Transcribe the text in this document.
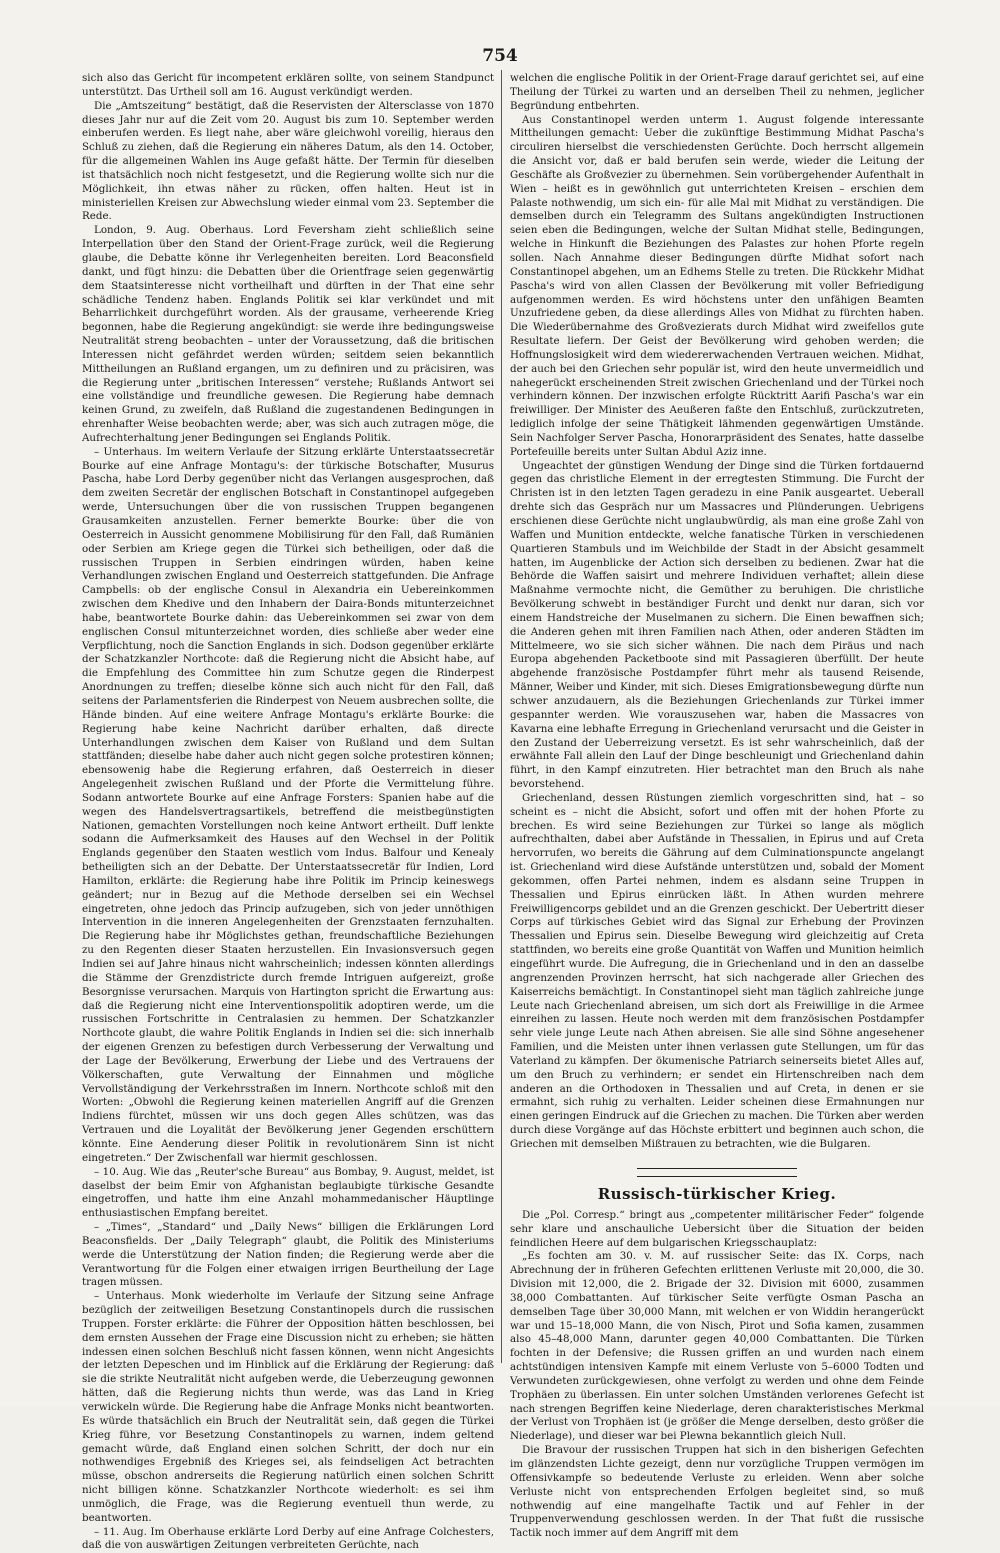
754

sich also das Gericht für incompetent erklären sollte, von seinem Standpunct unterstützt. Das Urtheil soll am 16. August verkündigt werden.

Die „Amtszeitung“ bestätigt, daß die Reservisten der Altersclasse von 1870 dieses Jahr nur auf die Zeit vom 20. August bis zum 10. September werden einberufen werden. Es liegt nahe, aber wäre gleichwohl voreilig, hieraus den Schluß zu ziehen, daß die Regierung ein näheres Datum, als den 14. October, für die allgemeinen Wahlen ins Auge gefaßt hätte. Der Termin für dieselben ist thatsächlich noch nicht festgesetzt, und die Regierung wollte sich nur die Möglichkeit, ihn etwas näher zu rücken, offen halten. Heut ist in ministeriellen Kreisen zur Abwechslung wieder einmal vom 23. September die Rede.

London, 9. Aug. Oberhaus. Lord Feversham zieht schließlich seine Interpellation über den Stand der Orient-Frage zurück, weil die Regierung glaube, die Debatte könne ihr Verlegenheiten bereiten. Lord Beaconsfield dankt, und fügt hinzu: die Debatten über die Orientfrage seien gegenwärtig dem Staatsinteresse nicht vortheilhaft und dürften in der That eine sehr schädliche Tendenz haben. Englands Politik sei klar verkündet und mit Beharrlichkeit durchgeführt worden. Als der grausame, verheerende Krieg begonnen, habe die Regierung angekündigt: sie werde ihre bedingungsweise Neutralität streng beobachten – unter der Voraussetzung, daß die britischen Interessen nicht gefährdet werden würden; seitdem seien bekanntlich Mittheilungen an Rußland ergangen, um zu definiren und zu präcisiren, was die Regierung unter „britischen Interessen“ verstehe; Rußlands Antwort sei eine vollständige und freundliche gewesen. Die Regierung habe demnach keinen Grund, zu zweifeln, daß Rußland die zugestandenen Bedingungen in ehrenhafter Weise beobachten werde; aber, was sich auch zutragen möge, die Aufrechterhaltung jener Bedingungen sei Englands Politik.

– Unterhaus. Im weitern Verlaufe der Sitzung erklärte Unterstaatssecretär Bourke auf eine Anfrage Montagu's: der türkische Botschafter, Musurus Pascha, habe Lord Derby gegenüber nicht das Verlangen ausgesprochen, daß dem zweiten Secretär der englischen Botschaft in Constantinopel aufgegeben werde, Untersuchungen über die von russischen Truppen begangenen Grausamkeiten anzustellen. Ferner bemerkte Bourke: über die von Oesterreich in Aussicht genommene Mobilisirung für den Fall, daß Rumänien oder Serbien am Kriege gegen die Türkei sich betheiligen, oder daß die russischen Truppen in Serbien eindringen würden, haben keine Verhandlungen zwischen England und Oesterreich stattgefunden. Die Anfrage Campbells: ob der englische Consul in Alexandria ein Uebereinkommen zwischen dem Khedive und den Inhabern der Daira-Bonds mitunterzeichnet habe, beantwortete Bourke dahin: das Uebereinkommen sei zwar von dem englischen Consul mitunterzeichnet worden, dies schließe aber weder eine Verpflichtung, noch die Sanction Englands in sich. Dodson gegenüber erklärte der Schatzkanzler Northcote: daß die Regierung nicht die Absicht habe, auf die Empfehlung des Committee hin zum Schutze gegen die Rinderpest Anordnungen zu treffen; dieselbe könne sich auch nicht für den Fall, daß seitens der Parlamentsferien die Rinderpest von Neuem ausbrechen sollte, die Hände binden. Auf eine weitere Anfrage Montagu's erklärte Bourke: die Regierung habe keine Nachricht darüber erhalten, daß directe Unterhandlungen zwischen dem Kaiser von Rußland und dem Sultan stattfänden; dieselbe habe daher auch nicht gegen solche protestiren können; ebensowenig habe die Regierung erfahren, daß Oesterreich in dieser Angelegenheit zwischen Rußland und der Pforte die Vermittelung führe. Sodann antwortete Bourke auf eine Anfrage Forsters: Spanien habe auf die wegen des Handelsvertragsartikels, betreffend die meistbegünstigten Nationen, gemachten Vorstellungen noch keine Antwort ertheilt. Duff lenkte sodann die Aufmerksamkeit des Hauses auf den Wechsel in der Politik Englands gegenüber den Staaten westlich vom Indus. Balfour und Kenealy betheiligten sich an der Debatte. Der Unterstaatssecretär für Indien, Lord Hamilton, erklärte: die Regierung habe ihre Politik im Princip keineswegs geändert; nur in Bezug auf die Methode derselben sei ein Wechsel eingetreten, ohne jedoch das Princip aufzugeben, sich von jeder unnöthigen Intervention in die inneren Angelegenheiten der Grenzstaaten fernzuhalten. Die Regierung habe ihr Möglichstes gethan, freundschaftliche Beziehungen zu den Regenten dieser Staaten herzustellen. Ein Invasionsversuch gegen Indien sei auf Jahre hinaus nicht wahrscheinlich; indessen könnten allerdings die Stämme der Grenzdistricte durch fremde Intriguen aufgereizt, große Besorgnisse verursachen. Marquis von Hartington spricht die Erwartung aus: daß die Regierung nicht eine Interventionspolitik adoptiren werde, um die russischen Fortschritte in Centralasien zu hemmen. Der Schatzkanzler Northcote glaubt, die wahre Politik Englands in Indien sei die: sich innerhalb der eigenen Grenzen zu befestigen durch Verbesserung der Verwaltung und der Lage der Bevölkerung, Erwerbung der Liebe und des Vertrauens der Völkerschaften, gute Verwaltung der Einnahmen und mögliche Vervollständigung der Verkehrsstraßen im Innern. Northcote schloß mit den Worten: „Obwohl die Regierung keinen materiellen Angriff auf die Grenzen Indiens fürchtet, müssen wir uns doch gegen Alles schützen, was das Vertrauen und die Loyalität der Bevölkerung jener Gegenden erschüttern könnte. Eine Aenderung dieser Politik in revolutionärem Sinn ist nicht eingetreten.“ Der Zwischenfall war hiermit geschlossen.

– 10. Aug. Wie das „Reuter'sche Bureau“ aus Bombay, 9. August, meldet, ist daselbst der beim Emir von Afghanistan beglaubigte türkische Gesandte eingetroffen, und hatte ihm eine Anzahl mohammedanischer Häuptlinge enthusiastischen Empfang bereitet.

– „Times“, „Standard“ und „Daily News“ billigen die Erklärungen Lord Beaconsfields. Der „Daily Telegraph“ glaubt, die Politik des Ministeriums werde die Unterstützung der Nation finden; die Regierung werde aber die Verantwortung für die Folgen einer etwaigen irrigen Beurtheilung der Lage tragen müssen.

– Unterhaus. Monk wiederholte im Verlaufe der Sitzung seine Anfrage bezüglich der zeitweiligen Besetzung Constantinopels durch die russischen Truppen. Forster erklärte: die Führer der Opposition hätten beschlossen, bei dem ernsten Aussehen der Frage eine Discussion nicht zu erheben; sie hätten indessen einen solchen Beschluß nicht fassen können, wenn nicht Angesichts der letzten Depeschen und im Hinblick auf die Erklärung der Regierung: daß sie die strikte Neutralität nicht aufgeben werde, die Ueberzeugung gewonnen hätten, daß die Regierung nichts thun werde, was das Land in Krieg verwickeln würde. Die Regierung habe die Anfrage Monks nicht beantworten. Es würde thatsächlich ein Bruch der Neutralität sein, daß gegen die Türkei Krieg führe, vor Besetzung Constantinopels zu warnen, indem geltend gemacht würde, daß England einen solchen Schritt, der doch nur ein nothwendiges Ergebniß des Krieges sei, als feindseligen Act betrachten müsse, obschon andrerseits die Regierung natürlich einen solchen Schritt nicht billigen könne. Schatzkanzler Northcote wiederholt: es sei ihm unmöglich, die Frage, was die Regierung eventuell thun werde, zu beantworten.

– 11. Aug. Im Oberhause erklärte Lord Derby auf eine Anfrage Colchesters, daß die von auswärtigen Zeitungen verbreiteten Gerüchte, nach

welchen die englische Politik in der Orient-Frage darauf gerichtet sei, auf eine Theilung der Türkei zu warten und an derselben Theil zu nehmen, jeglicher Begründung entbehrten.

Aus Constantinopel werden unterm 1. August folgende interessante Mittheilungen gemacht: Ueber die zukünftige Bestimmung Midhat Pascha's circuliren hierselbst die verschiedensten Gerüchte. Doch herrscht allgemein die Ansicht vor, daß er bald berufen sein werde, wieder die Leitung der Geschäfte als Großvezier zu übernehmen. Sein vorübergehender Aufenthalt in Wien – heißt es in gewöhnlich gut unterrichteten Kreisen – erschien dem Palaste nothwendig, um sich ein- für alle Mal mit Midhat zu verständigen. Die demselben durch ein Telegramm des Sultans angekündigten Instructionen seien eben die Bedingungen, welche der Sultan Midhat stelle, Bedingungen, welche in Hinkunft die Beziehungen des Palastes zur hohen Pforte regeln sollen. Nach Annahme dieser Bedingungen dürfte Midhat sofort nach Constantinopel abgehen, um an Edhems Stelle zu treten. Die Rückkehr Midhat Pascha's wird von allen Classen der Bevölkerung mit voller Befriedigung aufgenommen werden. Es wird höchstens unter den unfähigen Beamten Unzufriedene geben, da diese allerdings Alles von Midhat zu fürchten haben. Die Wiederübernahme des Großvezierats durch Midhat wird zweifellos gute Resultate liefern. Der Geist der Bevölkerung wird gehoben werden; die Hoffnungslosigkeit wird dem wiedererwachenden Vertrauen weichen. Midhat, der auch bei den Griechen sehr populär ist, wird den heute unvermeidlich und nahegerückt erscheinenden Streit zwischen Griechenland und der Türkei noch verhindern können. Der inzwischen erfolgte Rücktritt Aarifi Pascha's war ein freiwilliger. Der Minister des Aeußeren faßte den Entschluß, zurückzutreten, lediglich infolge der seine Thätigkeit lähmenden gegenwärtigen Umstände. Sein Nachfolger Server Pascha, Honorarpräsident des Senates, hatte dasselbe Portefeuille bereits unter Sultan Abdul Aziz inne.

Ungeachtet der günstigen Wendung der Dinge sind die Türken fortdauernd gegen das christliche Element in der erregtesten Stimmung. Die Furcht der Christen ist in den letzten Tagen geradezu in eine Panik ausgeartet. Ueberall drehte sich das Gespräch nur um Massacres und Plünderungen. Uebrigens erschienen diese Gerüchte nicht unglaubwürdig, als man eine große Zahl von Waffen und Munition entdeckte, welche fanatische Türken in verschiedenen Quartieren Stambuls und im Weichbilde der Stadt in der Absicht gesammelt hatten, im Augenblicke der Action sich derselben zu bedienen. Zwar hat die Behörde die Waffen saisirt und mehrere Individuen verhaftet; allein diese Maßnahme vermochte nicht, die Gemüther zu beruhigen. Die christliche Bevölkerung schwebt in beständiger Furcht und denkt nur daran, sich vor einem Handstreiche der Muselmanen zu sichern. Die Einen bewaffnen sich; die Anderen gehen mit ihren Familien nach Athen, oder anderen Städten im Mittelmeere, wo sie sich sicher wähnen. Die nach dem Piräus und nach Europa abgehenden Packetboote sind mit Passagieren überfüllt. Der heute abgehende französische Postdampfer führt mehr als tausend Reisende, Männer, Weiber und Kinder, mit sich. Dieses Emigrationsbewegung dürfte nun schwer anzudauern, als die Beziehungen Griechenlands zur Türkei immer gespannter werden. Wie vorauszusehen war, haben die Massacres von Kavarna eine lebhafte Erregung in Griechenland verursacht und die Geister in den Zustand der Ueberreizung versetzt. Es ist sehr wahrscheinlich, daß der erwähnte Fall allein den Lauf der Dinge beschleunigt und Griechenland dahin führt, in den Kampf einzutreten. Hier betrachtet man den Bruch als nahe bevorstehend.

Griechenland, dessen Rüstungen ziemlich vorgeschritten sind, hat – so scheint es – nicht die Absicht, sofort und offen mit der hohen Pforte zu brechen. Es wird seine Beziehungen zur Türkei so lange als möglich aufrechthalten, dabei aber Aufstände in Thessalien, in Epirus und auf Creta hervorrufen, wo bereits die Gährung auf dem Culminationspuncte angelangt ist. Griechenland wird diese Aufstände unterstützen und, sobald der Moment gekommen, offen Partei nehmen, indem es alsdann seine Truppen in Thessalien und Epirus einrücken läßt. In Athen wurden mehrere Freiwilligencorps gebildet und an die Grenzen geschickt. Der Uebertritt dieser Corps auf türkisches Gebiet wird das Signal zur Erhebung der Provinzen Thessalien und Epirus sein. Dieselbe Bewegung wird gleichzeitig auf Creta stattfinden, wo bereits eine große Quantität von Waffen und Munition heimlich eingeführt wurde. Die Aufregung, die in Griechenland und in den an dasselbe angrenzenden Provinzen herrscht, hat sich nachgerade aller Griechen des Kaiserreichs bemächtigt. In Constantinopel sieht man täglich zahlreiche junge Leute nach Griechenland abreisen, um sich dort als Freiwillige in die Armee einreihen zu lassen. Heute noch werden mit dem französischen Postdampfer sehr viele junge Leute nach Athen abreisen. Sie alle sind Söhne angesehener Familien, und die Meisten unter ihnen verlassen gute Stellungen, um für das Vaterland zu kämpfen. Der ökumenische Patriarch seinerseits bietet Alles auf, um den Bruch zu verhindern; er sendet ein Hirtenschreiben nach dem anderen an die Orthodoxen in Thessalien und auf Creta, in denen er sie ermahnt, sich ruhig zu verhalten. Leider scheinen diese Ermahnungen nur einen geringen Eindruck auf die Griechen zu machen. Die Türken aber werden durch diese Vorgänge auf das Höchste erbittert und beginnen auch schon, die Griechen mit demselben Mißtrauen zu betrachten, wie die Bulgaren.

Russisch-türkischer Krieg.

Die „Pol. Corresp.“ bringt aus „competenter militärischer Feder“ folgende sehr klare und anschauliche Uebersicht über die Situation der beiden feindlichen Heere auf dem bulgarischen Kriegsschauplatz:

„Es fochten am 30. v. M. auf russischer Seite: das IX. Corps, nach Abrechnung der in früheren Gefechten erlittenen Verluste mit 20,000, die 30. Division mit 12,000, die 2. Brigade der 32. Division mit 6000, zusammen 38,000 Combattanten. Auf türkischer Seite verfügte Osman Pascha an demselben Tage über 30,000 Mann, mit welchen er von Widdin herangerückt war und 15–18,000 Mann, die von Nisch, Pirot und Sofia kamen, zusammen also 45–48,000 Mann, darunter gegen 40,000 Combattanten. Die Türken fochten in der Defensive; die Russen griffen an und wurden nach einem achtstündigen intensiven Kampfe mit einem Verluste von 5–6000 Todten und Verwundeten zurückgewiesen, ohne verfolgt zu werden und ohne dem Feinde Trophäen zu überlassen. Ein unter solchen Umständen verlorenes Gefecht ist nach strengen Begriffen keine Niederlage, deren charakteristisches Merkmal der Verlust von Trophäen ist (je größer die Menge derselben, desto größer die Niederlage), und dieser war bei Plewna bekanntlich gleich Null.

Die Bravour der russischen Truppen hat sich in den bisherigen Gefechten im glänzendsten Lichte gezeigt, denn nur vorzügliche Truppen vermögen im Offensivkampfe so bedeutende Verluste zu erleiden. Wenn aber solche Verluste nicht von entsprechenden Erfolgen begleitet sind, so muß nothwendig auf eine mangelhafte Tactik und auf Fehler in der Truppenverwendung geschlossen werden. In der That fußt die russische Tactik noch immer auf dem Angriff mit dem
